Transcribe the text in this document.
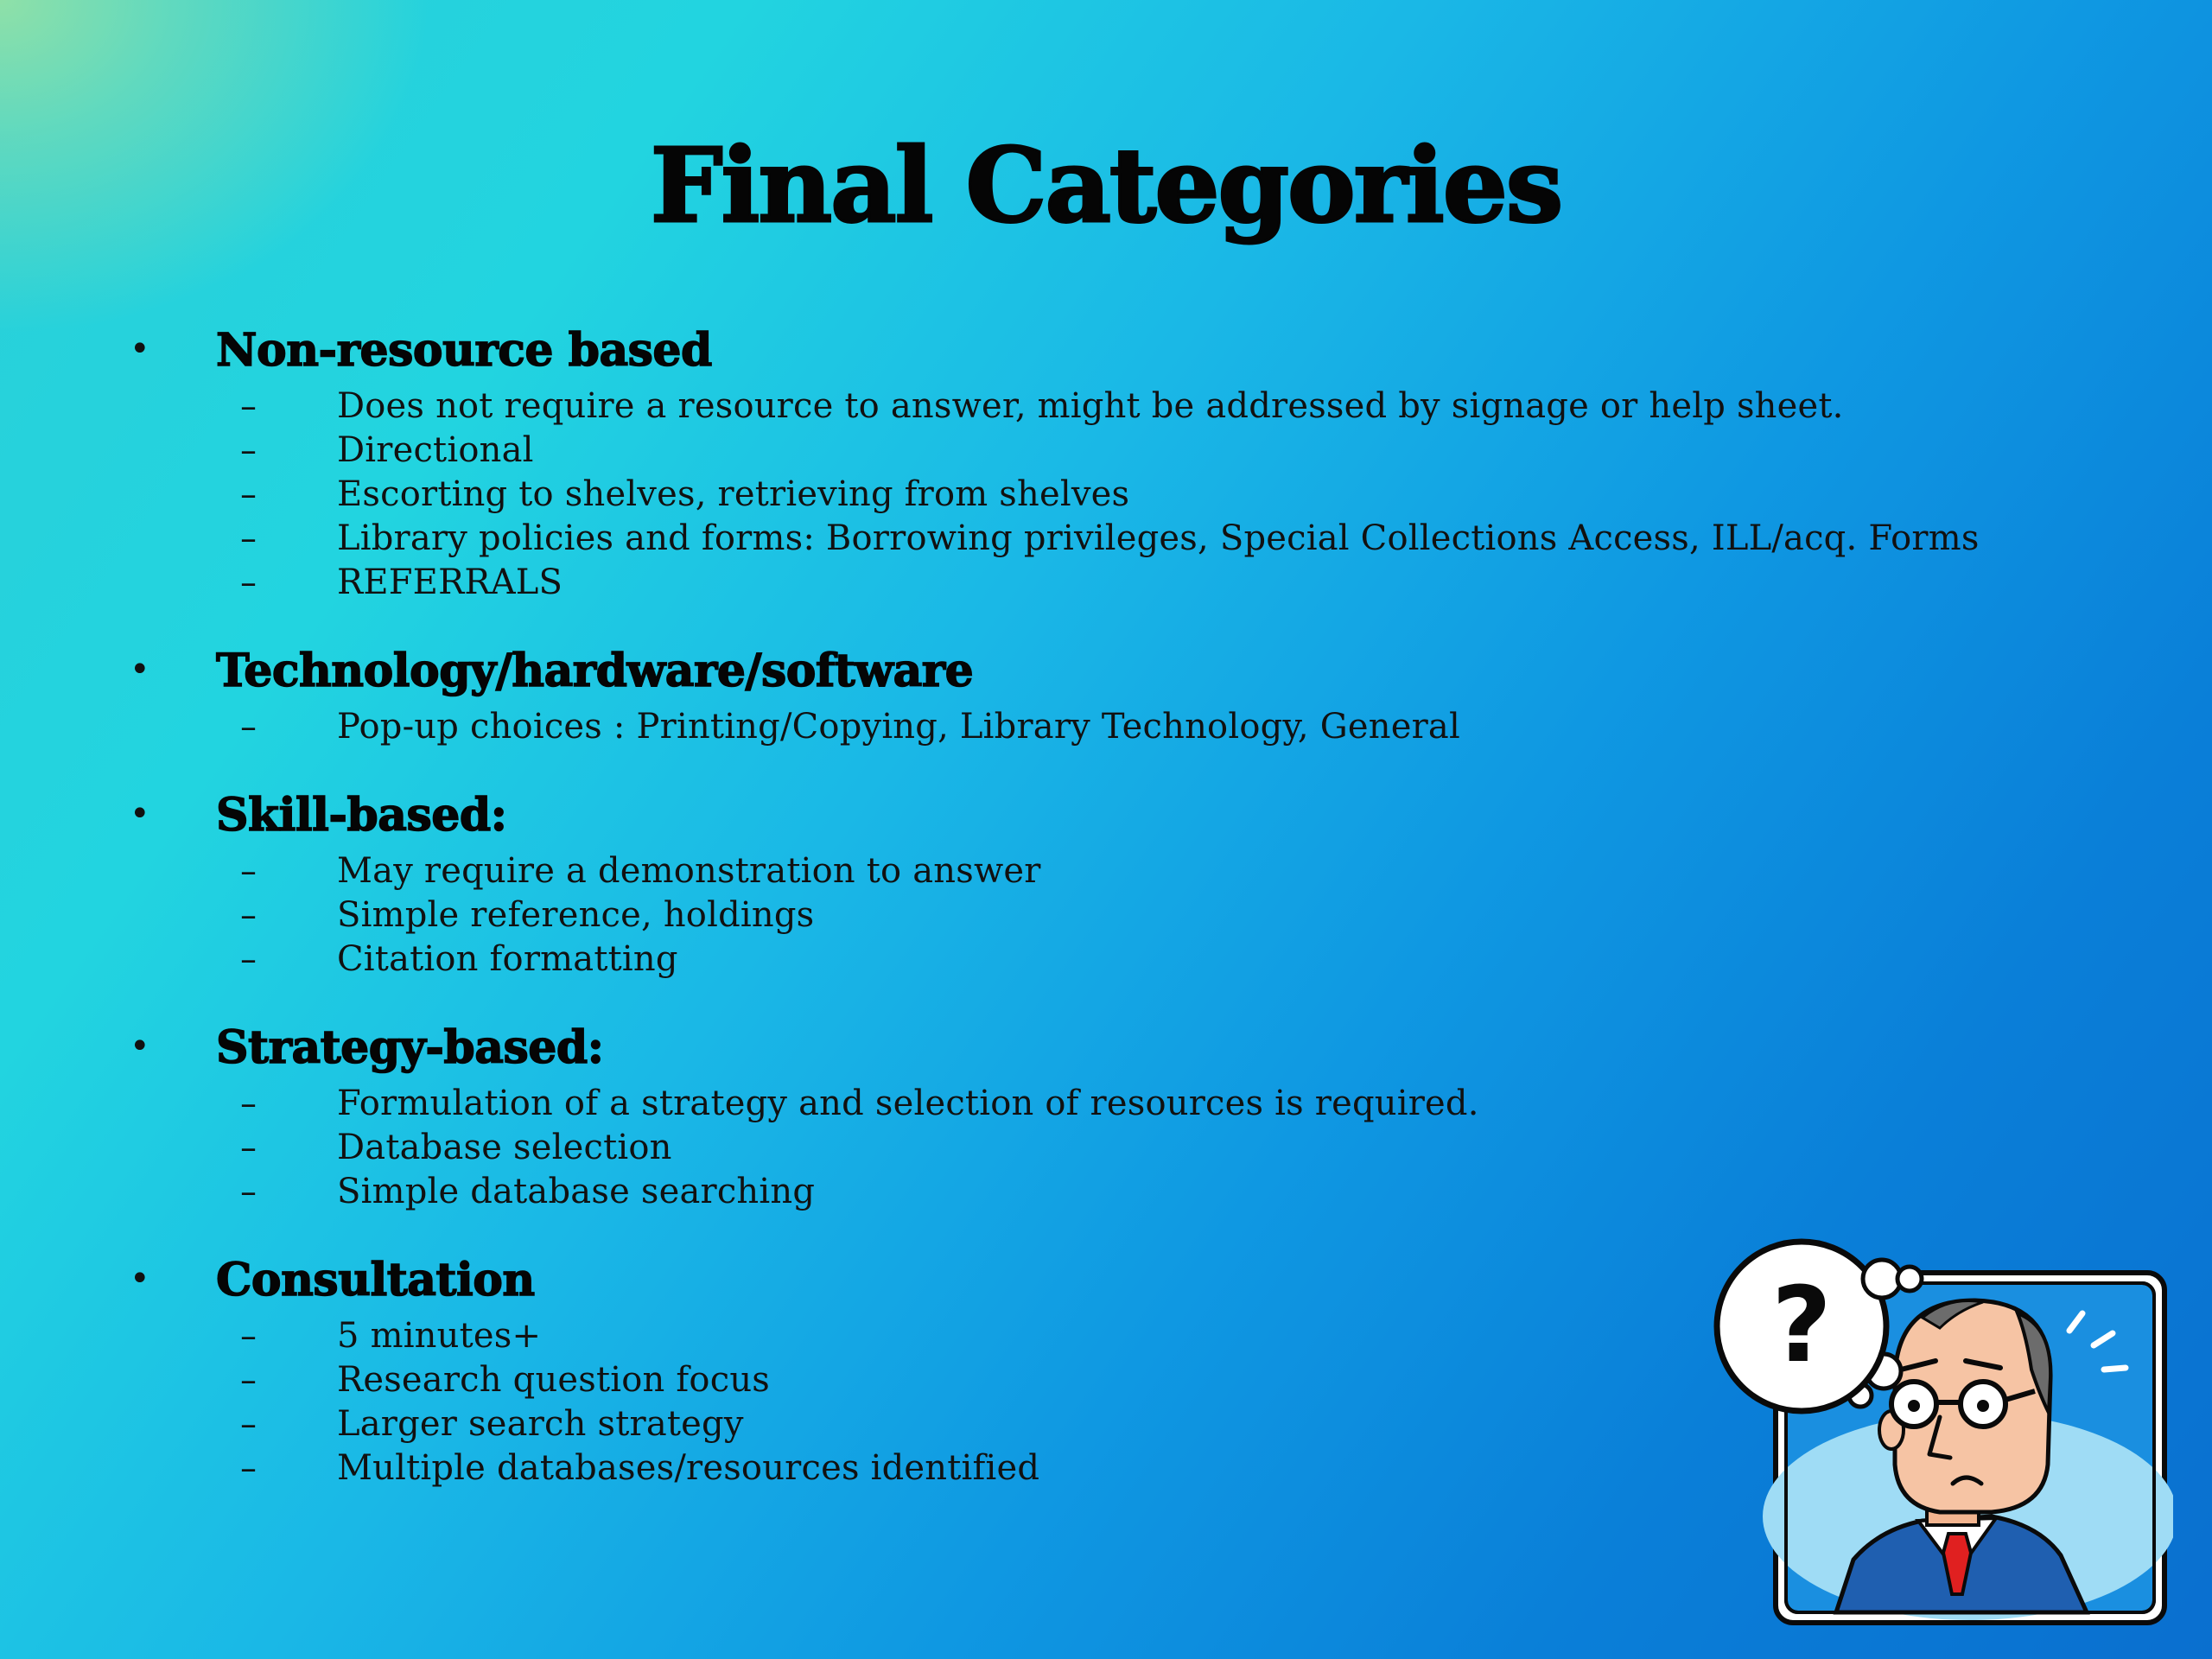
Final Categories
•	Non-resource based
–	Does not require a resource to answer, might be addressed by signage or help sheet.
–	Directional
–	Escorting to shelves, retrieving from shelves
–	Library policies and forms: Borrowing privileges, Special Collections Access, ILL/acq. Forms
–	REFERRALS
•	Technology/hardware/software
–	Pop-up choices : Printing/Copying, Library Technology, General
•	Skill-based:
–	May require a demonstration to answer
–	Simple reference, holdings
–	Citation formatting
•	Strategy-based:
–	Formulation of a strategy and selection of resources is required.
–	Database selection
–	Simple database searching
•	Consultation
–	5 minutes+
–	Research question focus
–	Larger search strategy
–	Multiple databases/resources identified
?
